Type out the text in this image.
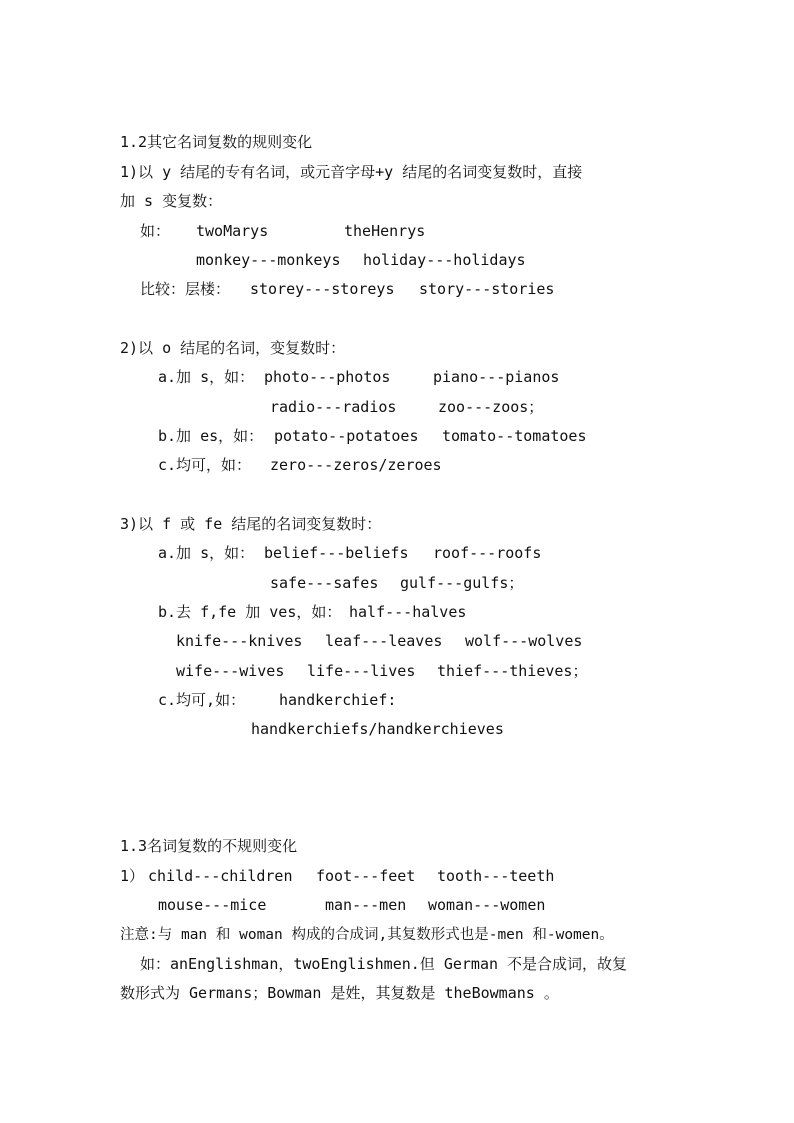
1.2其它名词复数的规则变化
1)以 y 结尾的专有名词，或元音字母+y 结尾的名词变复数时，直接
加 s 变复数：
如： twoMarys	theHenrys
monkey---monkeys holiday---holidays
比较：层楼： storey---storeys story---stories
2)以 o 结尾的名词，变复数时：
a.加 s，如： photo---photos	piano---pianos
radio---radios	zoo---zoos；
b.加 es，如： potato--potatoes tomato--tomatoes
c.均可，如： zero---zeros/zeroes
3)以 f 或 fe 结尾的名词变复数时：
a.加 s，如： belief---beliefs roof---roofs
safe---safes gulf---gulfs；
b.去 f,fe 加 ves，如： half---halves
knife---knives leaf---leaves wolf---wolves
wife---wives life---lives thief---thieves；
c.均可,如： handkerchief:
handkerchiefs/handkerchieves
1.3名词复数的不规则变化
1） child---children foot---feet tooth---teeth
mouse---mice	man---men woman---women
注意:与 man 和 woman 构成的合成词,其复数形式也是-men 和-women。
如：anEnglishman，twoEnglishmen.但 German 不是合成词，故复
数形式为 Germans；Bowman 是姓，其复数是 theBowmans 。
